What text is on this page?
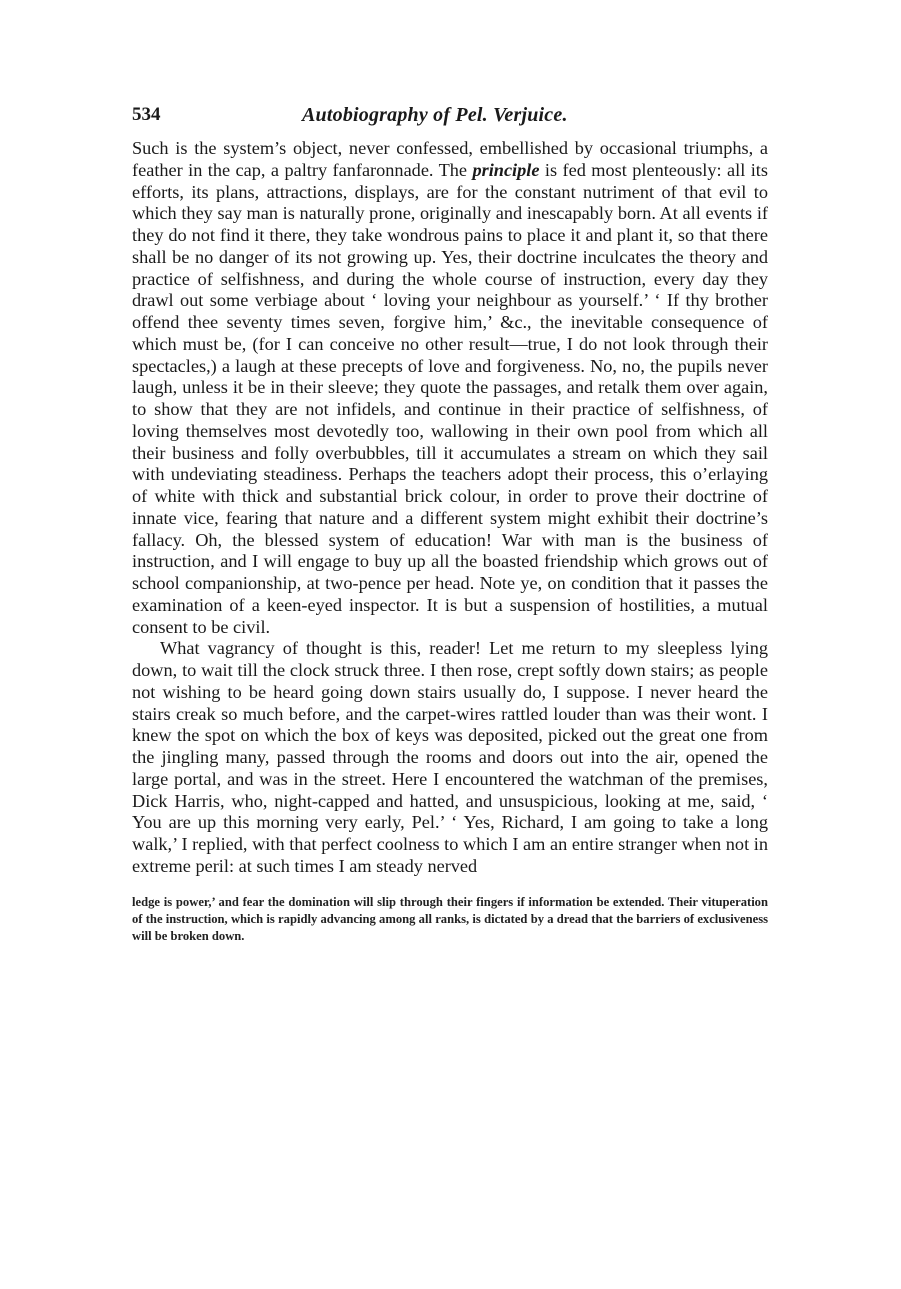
534	Autobiography of Pel. Verjuice.

Such is the system’s object, never confessed, embellished by occasional triumphs, a feather in the cap, a paltry fanfaronnade. The principle is fed most plenteously: all its efforts, its plans, attractions, displays, are for the constant nutriment of that evil to which they say man is naturally prone, originally and inescapably born. At all events if they do not find it there, they take wondrous pains to place it and plant it, so that there shall be no danger of its not growing up. Yes, their doctrine inculcates the theory and practice of selfishness, and during the whole course of instruction, every day they drawl out some verbiage about ‘ loving your neighbour as yourself.’ ‘ If thy brother offend thee seventy times seven, forgive him,’ &c., the inevitable consequence of which must be, (for I can conceive no other result—true, I do not look through their spectacles,) a laugh at these precepts of love and forgiveness. No, no, the pupils never laugh, unless it be in their sleeve; they quote the passages, and retalk them over again, to show that they are not infidels, and continue in their practice of selfishness, of loving themselves most devotedly too, wallowing in their own pool from which all their business and folly overbubbles, till it accumulates a stream on which they sail with undeviating steadiness. Perhaps the teachers adopt their process, this o’erlaying of white with thick and substantial brick colour, in order to prove their doctrine of innate vice, fearing that nature and a different system might exhibit their doctrine’s fallacy. Oh, the blessed system of education! War with man is the business of instruction, and I will engage to buy up all the boasted friendship which grows out of school companionship, at two-pence per head. Note ye, on condition that it passes the examination of a keen-eyed inspector. It is but a suspension of hostilities, a mutual consent to be civil.

What vagrancy of thought is this, reader! Let me return to my sleepless lying down, to wait till the clock struck three. I then rose, crept softly down stairs; as people not wishing to be heard going down stairs usually do, I suppose. I never heard the stairs creak so much before, and the carpet-wires rattled louder than was their wont. I knew the spot on which the box of keys was deposited, picked out the great one from the jingling many, passed through the rooms and doors out into the air, opened the large portal, and was in the street. Here I encountered the watchman of the premises, Dick Harris, who, night-capped and hatted, and unsuspicious, looking at me, said, ‘ You are up this morning very early, Pel.’ ‘ Yes, Richard, I am going to take a long walk,’ I replied, with that perfect coolness to which I am an entire stranger when not in extreme peril: at such times I am steady nerved

ledge is power,’ and fear the domination will slip through their fingers if information be extended. Their vituperation of the instruction, which is rapidly advancing among all ranks, is dictated by a dread that the barriers of exclusiveness will be broken down.
